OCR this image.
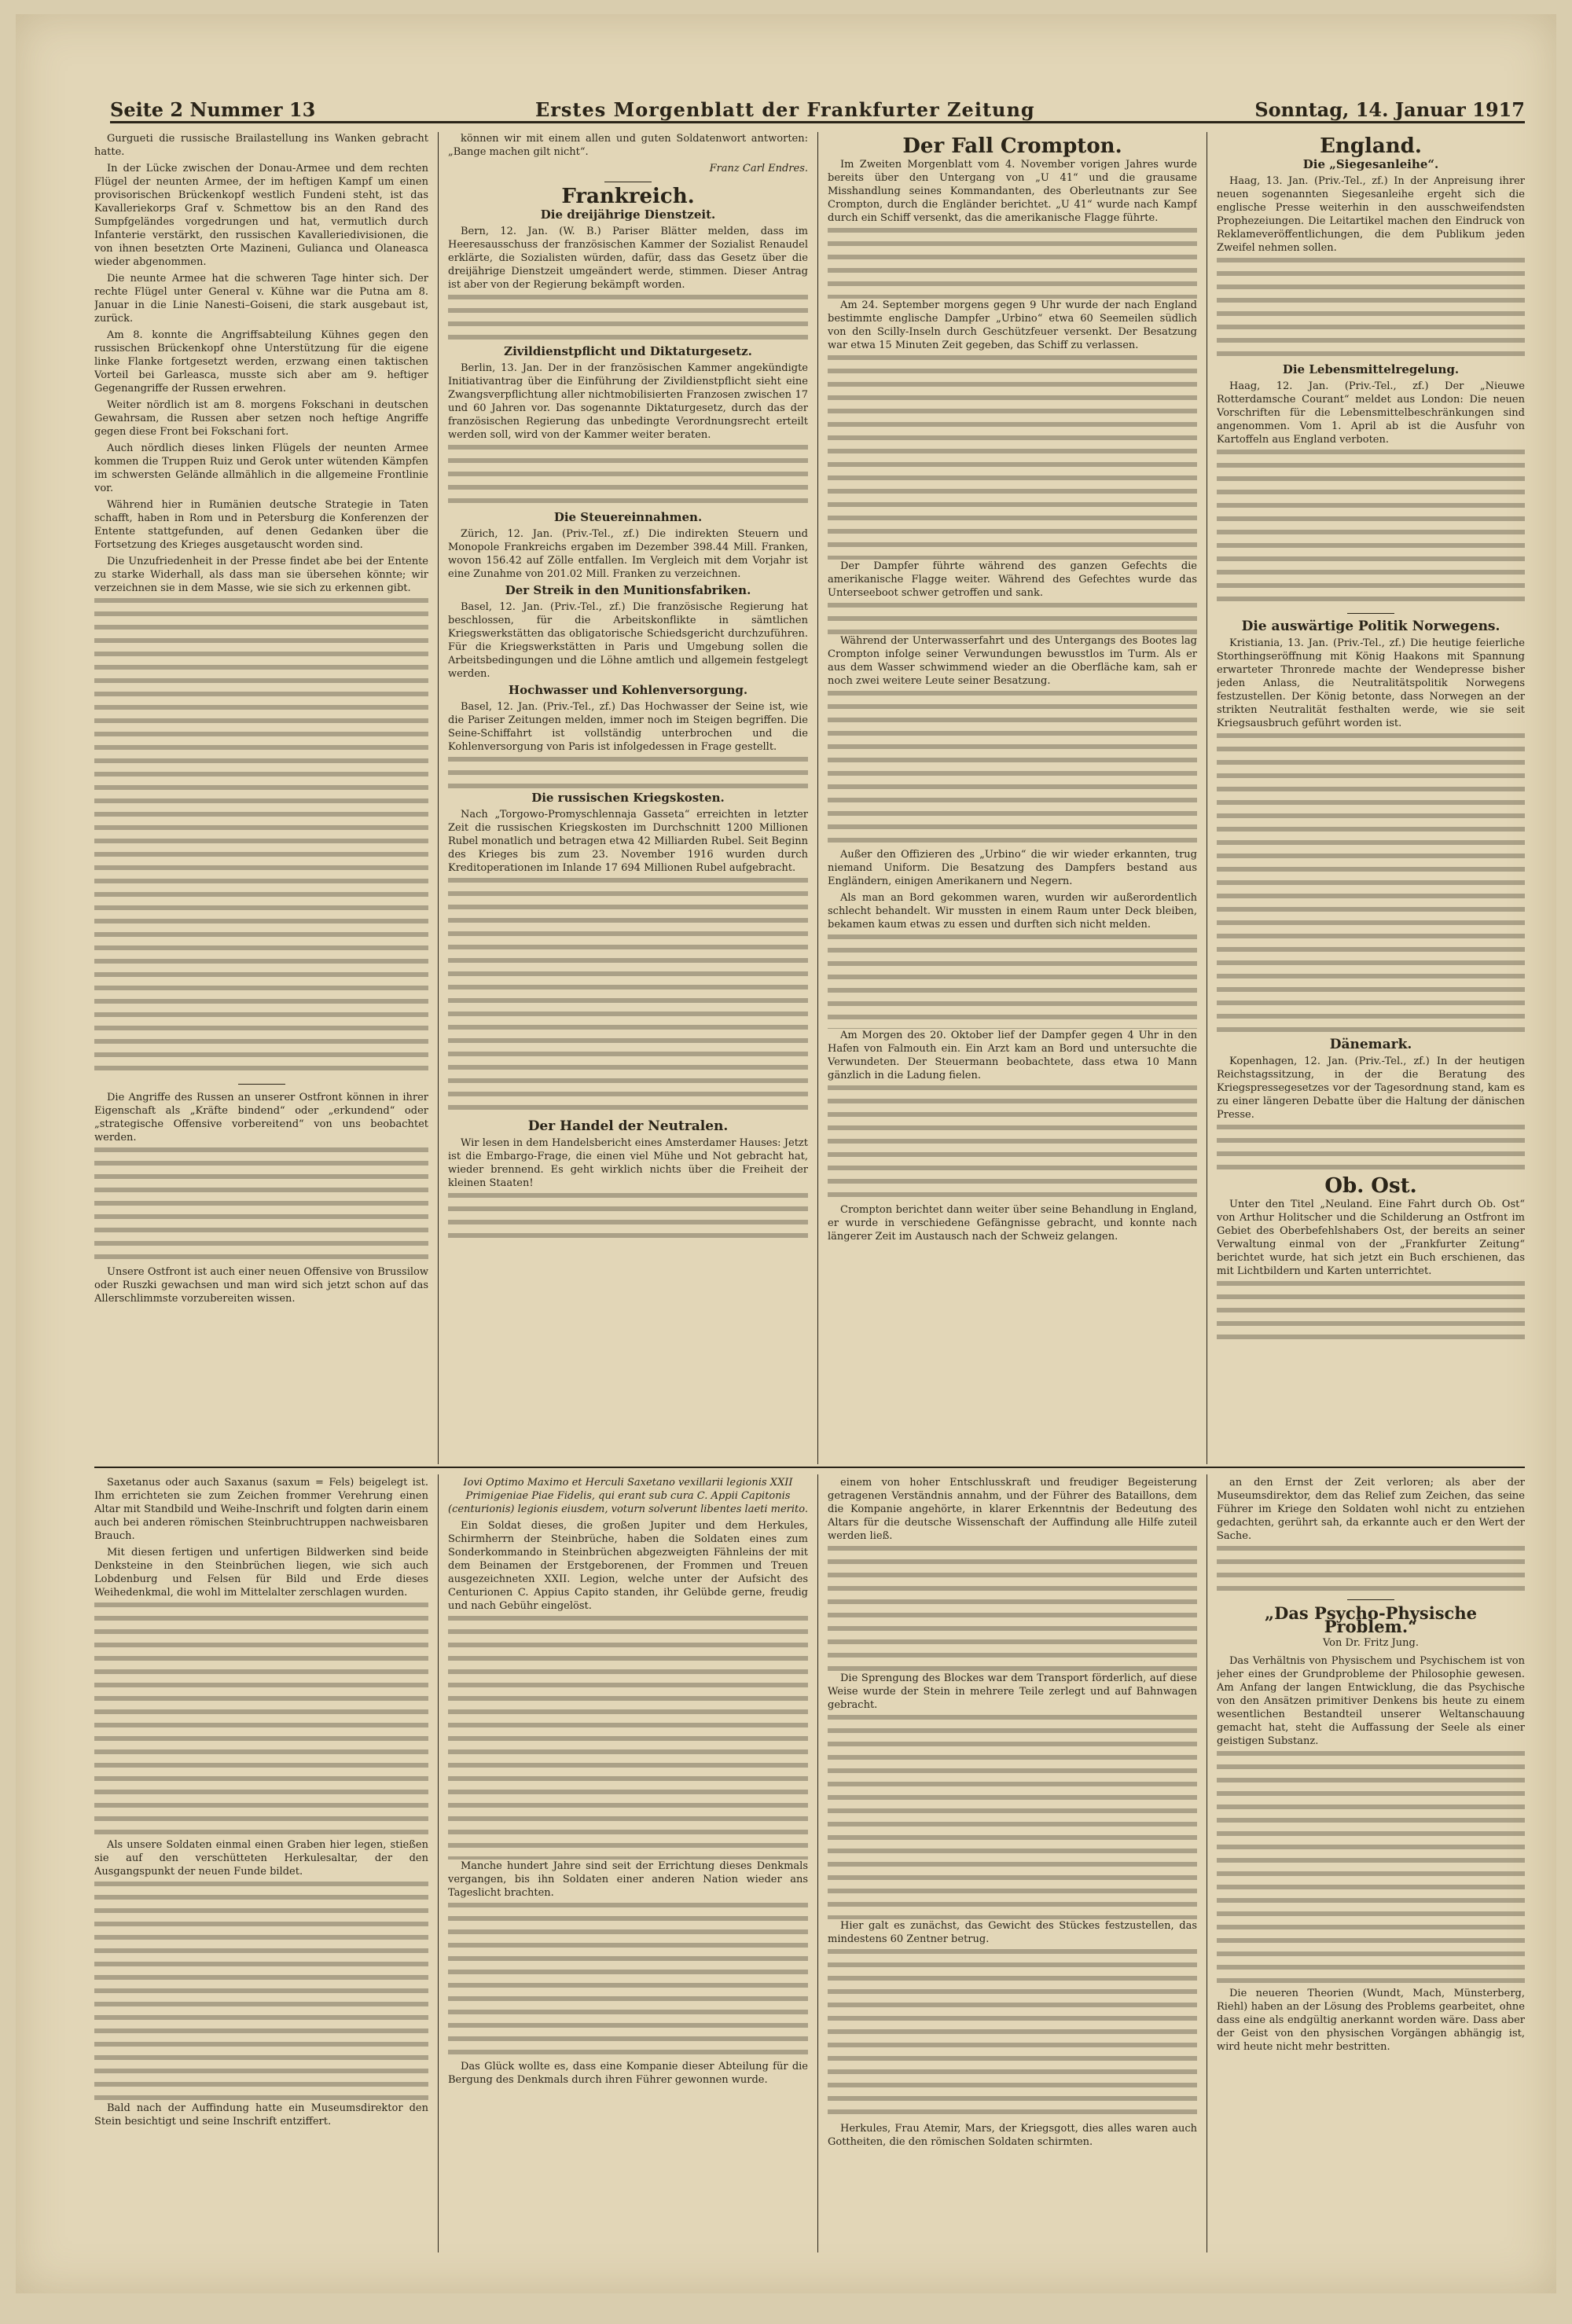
Seite 2 Nummer 13	Erstes Morgenblatt der Frankfurter Zeitung	Sonntag, 14. Januar 1917

Gurgueti die russische Brailastellung ins Wanken gebracht hatte.

In der Lücke zwischen der Donau-Armee und dem rechten Flügel der neunten Armee, der im heftigen Kampf um einen provisorischen Brückenkopf westlich Fundeni steht, ist das Kavalleriekorps Graf v. Schmettow bis an den Rand des Sumpfgeländes vorgedrungen und hat, vermutlich durch Infanterie verstärkt, den russischen Kavalleriedivisionen, die von ihnen besetzten Orte Mazineni, Gulianca und Olaneasca wieder abgenommen.

Die neunte Armee hat die schweren Tage hinter sich. Der rechte Flügel unter General v. Kühne war die Putna am 8. Januar in die Linie Nanesti–Goiseni, die stark ausgebaut ist, zurück.

Am 8. konnte die Angriffsabteilung Kühnes gegen den russischen Brückenkopf ohne Unterstützung für die eigene linke Flanke fortgesetzt werden, erzwang einen taktischen Vorteil bei Garleasca, musste sich aber am 9. heftiger Gegenangriffe der Russen erwehren.

Weiter nördlich ist am 8. morgens Fokschani in deutschen Gewahrsam, die Russen aber setzen noch heftige Angriffe gegen diese Front bei Fokschani fort.

Auch nördlich dieses linken Flügels der neunten Armee kommen die Truppen Ruiz und Gerok unter wütenden Kämpfen im schwersten Gelände allmählich in die allgemeine Frontlinie vor.

Während hier in Rumänien deutsche Strategie in Taten schafft, haben in Rom und in Petersburg die Konferenzen der Entente stattgefunden, auf denen Gedanken über die Fortsetzung des Krieges ausgetauscht worden sind.

Die Unzufriedenheit in der Presse findet abe bei der Entente zu starke Widerhall, als dass man sie übersehen könnte; wir verzeichnen sie in dem Masse, wie sie sich zu erkennen gibt.

Die Angriffe des Russen an unserer Ostfront können in ihrer Eigenschaft als „Kräfte bindend“ oder „erkundend“ oder „strategische Offensive vorbereitend“ von uns beobachtet werden.

Unsere Ostfront ist auch einer neuen Offensive von Brussilow oder Ruszki gewachsen und man wird sich jetzt schon auf das Allerschlimmste vorzubereiten wissen.

können wir mit einem allen und guten Soldatenwort antworten: „Bange machen gilt nicht“.

Franz Carl Endres.
Frankreich.
Die dreijährige Dienstzeit.

Bern, 12. Jan. (W. B.) Pariser Blätter melden, dass im Heeresausschuss der französischen Kammer der Sozialist Renaudel erklärte, die Sozialisten würden, dafür, dass das Gesetz über die dreijährige Dienstzeit umgeändert werde, stimmen. Dieser Antrag ist aber von der Regierung bekämpft worden.

Zivildienstpflicht und Diktaturgesetz.

Berlin, 13. Jan. Der in der französischen Kammer angekündigte Initiativantrag über die Einführung der Zivildienstpflicht sieht eine Zwangsverpflichtung aller nichtmobilisierten Franzosen zwischen 17 und 60 Jahren vor. Das sogenannte Diktaturgesetz, durch das der französischen Regierung das unbedingte Verordnungsrecht erteilt werden soll, wird von der Kammer weiter beraten.

Die Steuereinnahmen.

Zürich, 12. Jan. (Priv.-Tel., zf.) Die indirekten Steuern und Monopole Frankreichs ergaben im Dezember 398.44 Mill. Franken, wovon 156.42 auf Zölle entfallen. Im Vergleich mit dem Vorjahr ist eine Zunahme von 201.02 Mill. Franken zu verzeichnen.

Der Streik in den Munitionsfabriken.

Basel, 12. Jan. (Priv.-Tel., zf.) Die französische Regierung hat beschlossen, für die Arbeitskonflikte in sämtlichen Kriegswerkstätten das obligatorische Schiedsgericht durchzuführen. Für die Kriegswerkstätten in Paris und Umgebung sollen die Arbeitsbedingungen und die Löhne amtlich und allgemein festgelegt werden.

Hochwasser und Kohlenversorgung.

Basel, 12. Jan. (Priv.-Tel., zf.) Das Hochwasser der Seine ist, wie die Pariser Zeitungen melden, immer noch im Steigen begriffen. Die Seine-Schiffahrt ist vollständig unterbrochen und die Kohlenversorgung von Paris ist infolgedessen in Frage gestellt.

Die russischen Kriegskosten.

Nach „Torgowo-Promyschlennaja Gasseta“ erreichten in letzter Zeit die russischen Kriegskosten im Durchschnitt 1200 Millionen Rubel monatlich und betragen etwa 42 Milliarden Rubel. Seit Beginn des Krieges bis zum 23. November 1916 wurden durch Kreditoperationen im Inlande 17 694 Millionen Rubel aufgebracht.

Der Handel der Neutralen.

Wir lesen in dem Handelsbericht eines Amsterdamer Hauses: Jetzt ist die Embargo-Frage, die einen viel Mühe und Not gebracht hat, wieder brennend. Es geht wirklich nichts über die Freiheit der kleinen Staaten!

Der Fall Crompton.

Im Zweiten Morgenblatt vom 4. November vorigen Jahres wurde bereits über den Untergang von „U 41“ und die grausame Misshandlung seines Kommandanten, des Oberleutnants zur See Crompton, durch die Engländer berichtet. „U 41“ wurde nach Kampf durch ein Schiff versenkt, das die amerikanische Flagge führte.

Am 24. September morgens gegen 9 Uhr wurde der nach England bestimmte englische Dampfer „Urbino“ etwa 60 Seemeilen südlich von den Scilly-Inseln durch Geschützfeuer versenkt. Der Besatzung war etwa 15 Minuten Zeit gegeben, das Schiff zu verlassen.

Der Dampfer führte während des ganzen Gefechts die amerikanische Flagge weiter. Während des Gefechtes wurde das Unterseeboot schwer getroffen und sank.

Während der Unterwasserfahrt und des Untergangs des Bootes lag Crompton infolge seiner Verwundungen bewusstlos im Turm. Als er aus dem Wasser schwimmend wieder an die Oberfläche kam, sah er noch zwei weitere Leute seiner Besatzung.

Außer den Offizieren des „Urbino“ die wir wieder erkannten, trug niemand Uniform. Die Besatzung des Dampfers bestand aus Engländern, einigen Amerikanern und Negern.

Als man an Bord gekommen waren, wurden wir außerordentlich schlecht behandelt. Wir mussten in einem Raum unter Deck bleiben, bekamen kaum etwas zu essen und durften sich nicht melden.

Am Morgen des 20. Oktober lief der Dampfer gegen 4 Uhr in den Hafen von Falmouth ein. Ein Arzt kam an Bord und untersuchte die Verwundeten. Der Steuermann beobachtete, dass etwa 10 Mann gänzlich in die Ladung fielen.

Crompton berichtet dann weiter über seine Behandlung in England, er wurde in verschiedene Gefängnisse gebracht, und konnte nach längerer Zeit im Austausch nach der Schweiz gelangen.

England.
Die „Siegesanleihe“.

Haag, 13. Jan. (Priv.-Tel., zf.) In der Anpreisung ihrer neuen sogenannten Siegesanleihe ergeht sich die englische Presse weiterhin in den ausschweifendsten Prophezeiungen. Die Leitartikel machen den Eindruck von Reklameveröffentlichungen, die dem Publikum jeden Zweifel nehmen sollen.

Die Lebensmittelregelung.

Haag, 12. Jan. (Priv.-Tel., zf.) Der „Nieuwe Rotterdamsche Courant“ meldet aus London: Die neuen Vorschriften für die Lebensmittelbeschränkungen sind angenommen. Vom 1. April ab ist die Ausfuhr von Kartoffeln aus England verboten.

Die auswärtige Politik Norwegens.

Kristiania, 13. Jan. (Priv.-Tel., zf.) Die heutige feierliche Storthingseröffnung mit König Haakons mit Spannung erwarteter Thronrede machte der Wendepresse bisher jeden Anlass, die Neutralitätspolitik Norwegens festzustellen. Der König betonte, dass Norwegen an der strikten Neutralität festhalten werde, wie sie seit Kriegsausbruch geführt worden ist.

Dänemark.

Kopenhagen, 12. Jan. (Priv.-Tel., zf.) In der heutigen Reichstagssitzung, in der die Beratung des Kriegspressegesetzes vor der Tagesordnung stand, kam es zu einer längeren Debatte über die Haltung der dänischen Presse.

Ob. Ost.

Unter den Titel „Neuland. Eine Fahrt durch Ob. Ost“ von Arthur Holitscher und die Schilderung an Ostfront im Gebiet des Oberbefehlshabers Ost, der bereits an seiner Verwaltung einmal von der „Frankfurter Zeitung“ berichtet wurde, hat sich jetzt ein Buch erschienen, das mit Lichtbildern und Karten unterrichtet.

Saxetanus oder auch Saxanus (saxum = Fels) beigelegt ist. Ihm errichteten sie zum Zeichen frommer Verehrung einen Altar mit Standbild und Weihe-Inschrift und folgten darin einem auch bei anderen römischen Steinbruchtruppen nachweisbaren Brauch.

Mit diesen fertigen und unfertigen Bildwerken sind beide Denksteine in den Steinbrüchen liegen, wie sich auch Lobdenburg und Felsen für Bild und Erde dieses Weihedenkmal, die wohl im Mittelalter zerschlagen wurden.

Als unsere Soldaten einmal einen Graben hier legen, stießen sie auf den verschütteten Herkulesaltar, der den Ausgangspunkt der neuen Funde bildet.

Bald nach der Auffindung hatte ein Museumsdirektor den Stein besichtigt und seine Inschrift entziffert.

Iovi Optimo Maximo et Herculi Saxetano vexillarii legionis XXII Primigeniae Piae Fidelis, qui erant sub cura C. Appii Capitonis (centurionis) legionis eiusdem, voturn solverunt libentes laeti merito.

Ein Soldat dieses, die großen Jupiter und dem Herkules, Schirmherrn der Steinbrüche, haben die Soldaten eines zum Sonderkommando in Steinbrüchen abgezweigten Fähnleins der mit dem Beinamen der Erstgeborenen, der Frommen und Treuen ausgezeichneten XXII. Legion, welche unter der Aufsicht des Centurionen C. Appius Capito standen, ihr Gelübde gerne, freudig und nach Gebühr eingelöst.

Manche hundert Jahre sind seit der Errichtung dieses Denkmals vergangen, bis ihn Soldaten einer anderen Nation wieder ans Tageslicht brachten.

Das Glück wollte es, dass eine Kompanie dieser Abteilung für die Bergung des Denkmals durch ihren Führer gewonnen wurde.

einem von hoher Entschlusskraft und freudiger Begeisterung getragenen Verständnis annahm, und der Führer des Bataillons, dem die Kompanie angehörte, in klarer Erkenntnis der Bedeutung des Altars für die deutsche Wissenschaft der Auffindung alle Hilfe zuteil werden ließ.

Die Sprengung des Blockes war dem Transport förderlich, auf diese Weise wurde der Stein in mehrere Teile zerlegt und auf Bahnwagen gebracht.

Hier galt es zunächst, das Gewicht des Stückes festzustellen, das mindestens 60 Zentner betrug.

Herkules, Frau Atemir, Mars, der Kriegsgott, dies alles waren auch Gottheiten, die den römischen Soldaten schirmten.

an den Ernst der Zeit verloren; als aber der Museumsdirektor, dem das Relief zum Zeichen, das seine Führer im Kriege den Soldaten wohl nicht zu entziehen gedachten, gerührt sah, da erkannte auch er den Wert der Sache.

„Das Psycho-Physische Problem.“
Von Dr. Fritz Jung.

Das Verhältnis von Physischem und Psychischem ist von jeher eines der Grundprobleme der Philosophie gewesen. Am Anfang der langen Entwicklung, die das Psychische von den Ansätzen primitiver Denkens bis heute zu einem wesentlichen Bestandteil unserer Weltanschauung gemacht hat, steht die Auffassung der Seele als einer geistigen Substanz.

Die neueren Theorien (Wundt, Mach, Münsterberg, Riehl) haben an der Lösung des Problems gearbeitet, ohne dass eine als endgültig anerkannt worden wäre. Dass aber der Geist von den physischen Vorgängen abhängig ist, wird heute nicht mehr bestritten.
